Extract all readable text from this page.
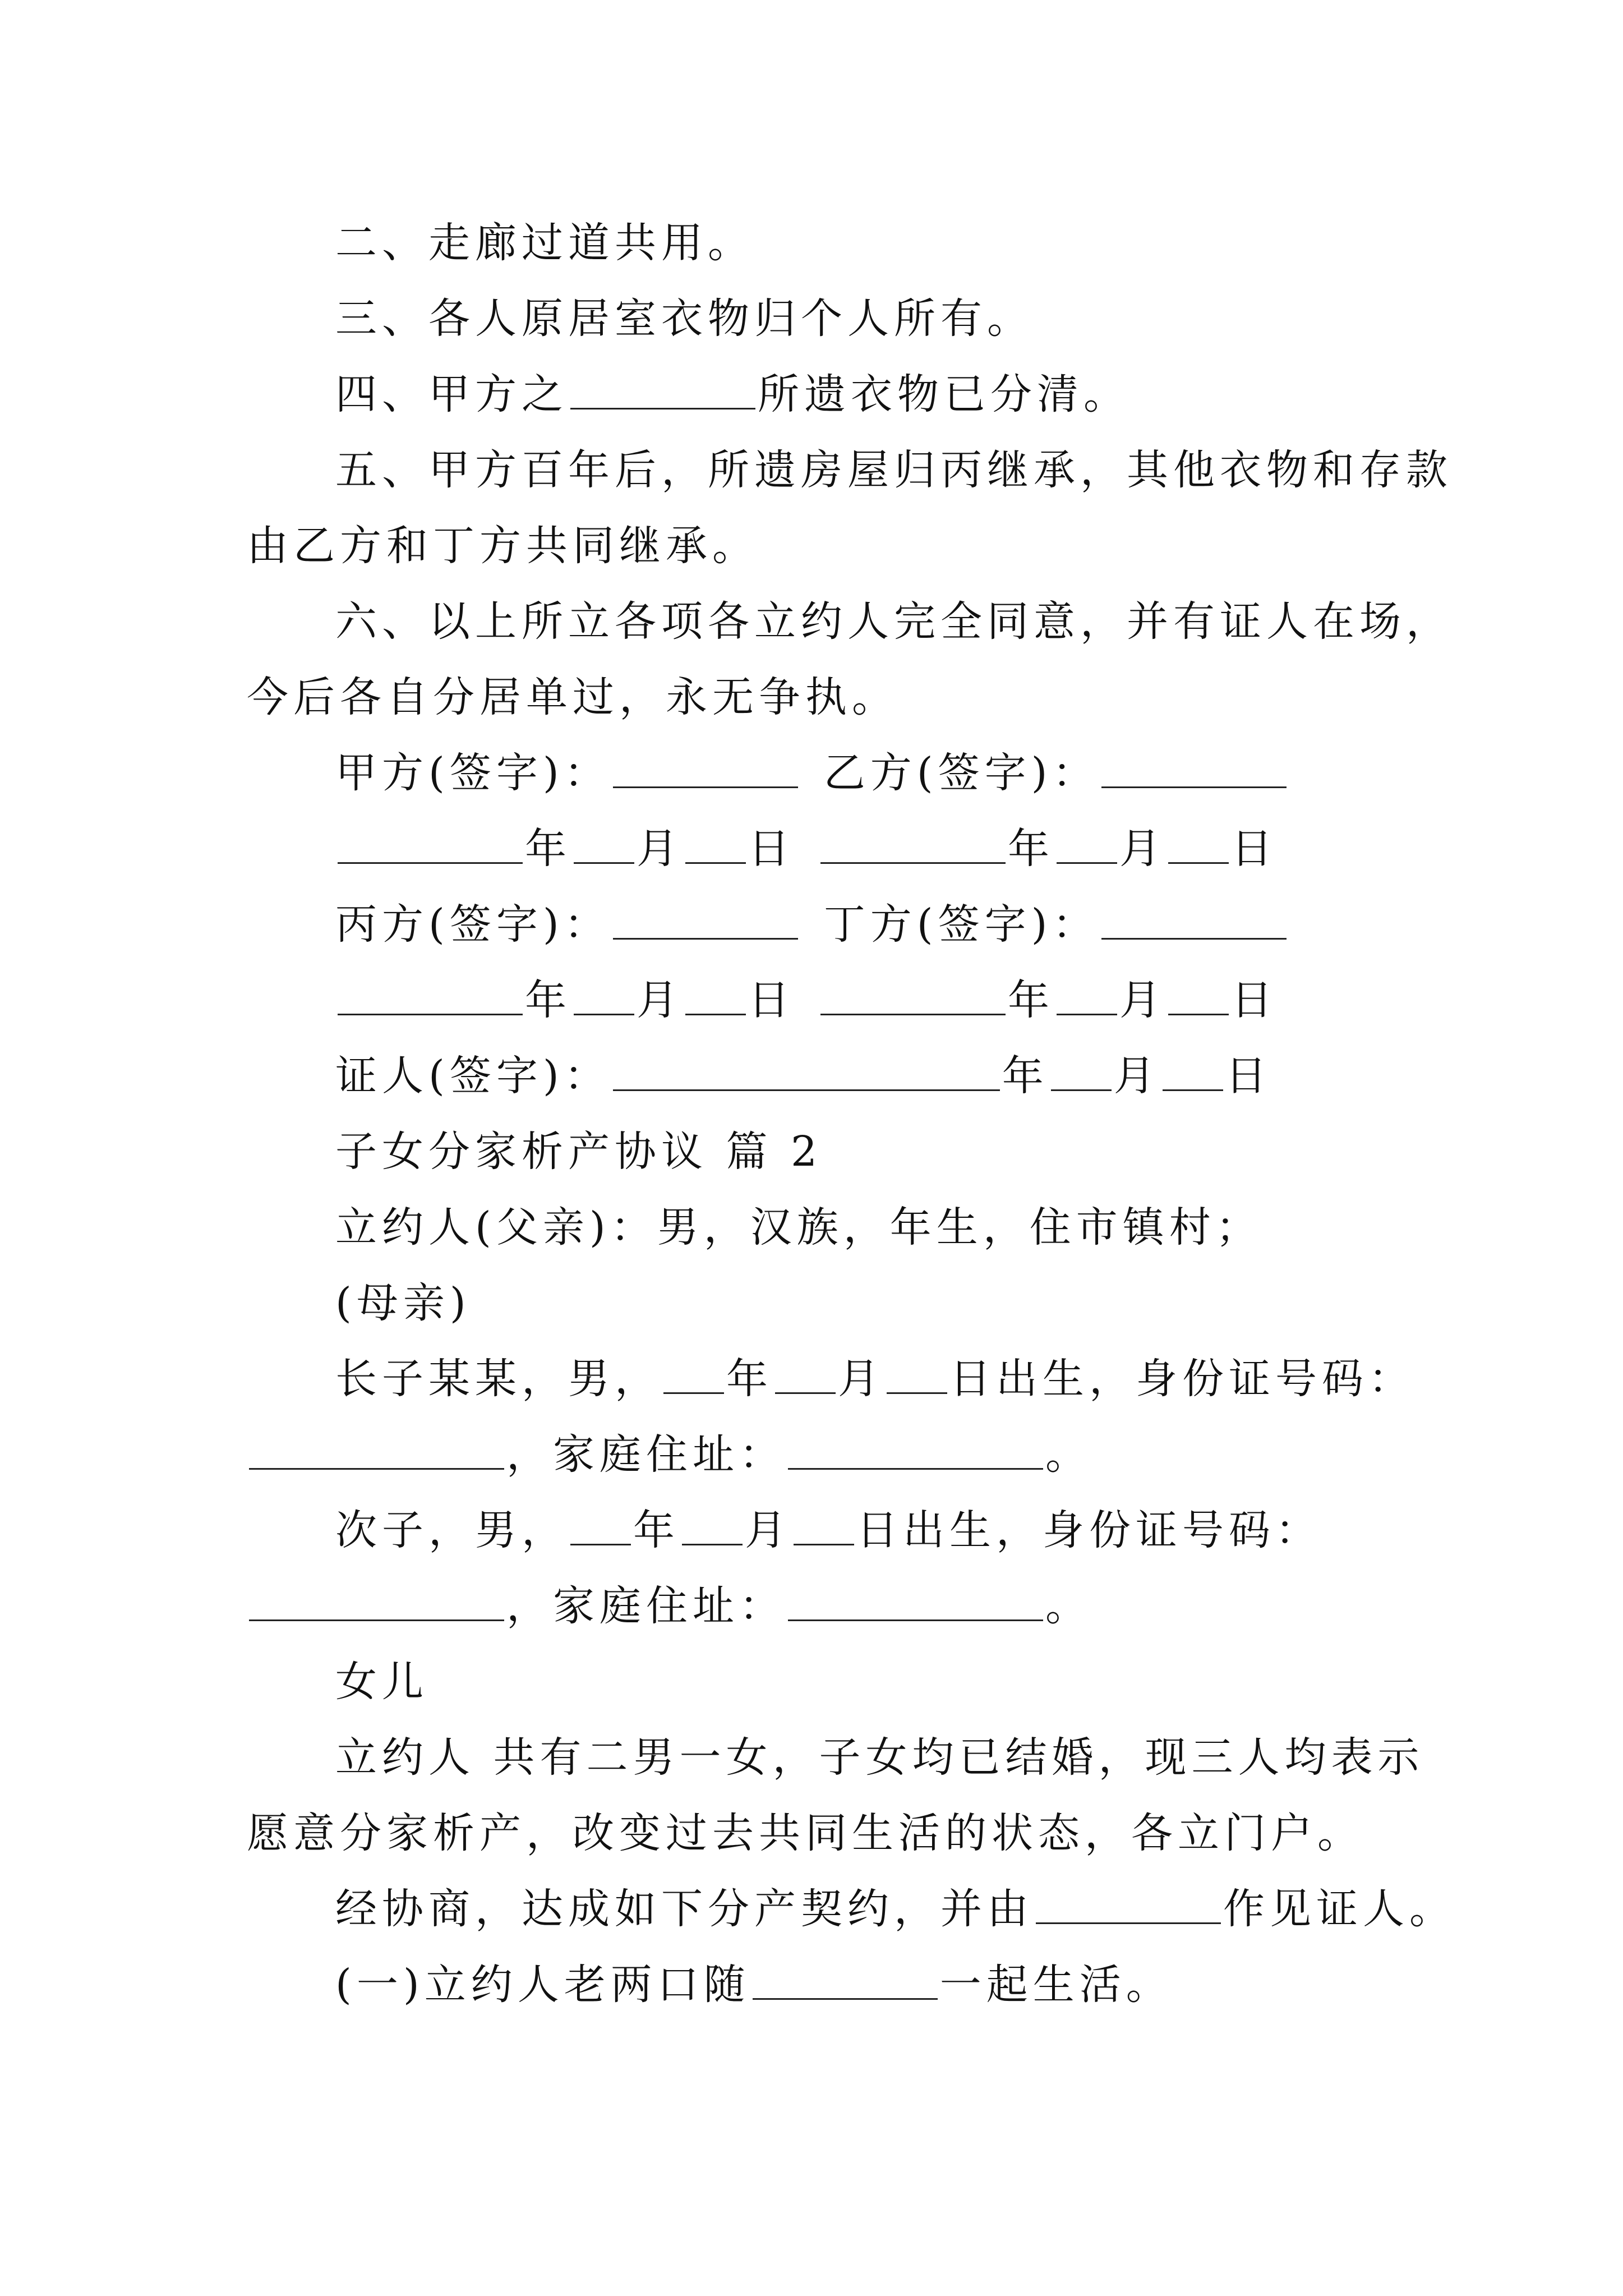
二、走廊过道共用。
三、各人原居室衣物归个人所有。
四、甲方之	所遗衣物已分清。
五、甲方百年后，所遗房屋归丙继承，其他衣物和存款
由乙方和丁方共同继承。
六、以上所立各项各立约人完全同意，并有证人在场，
今后各自分居单过，永无争执。
甲方(签字)：	乙方(签字)：
年 月 日	年 月 日
丙方(签字)：	丁方(签字)：
年 月 日	年 月 日
证人(签字)：	年 月 日
子女分家析产协议 篇 2
立约人(父亲)：男，汉族，年生，住市镇村；
(母亲)
长子某某，男， 年 月 日出生，身份证号码：
，家庭住址：	。
次子，男， 年 月 日出生，身份证号码：
，家庭住址：	。
女儿
立约人 共有二男一女，子女均已结婚，现三人均表示
愿意分家析产，改变过去共同生活的状态，各立门户。
经协商，达成如下分产契约，并由	作见证人。
(一)立约人老两口随	一起生活。
